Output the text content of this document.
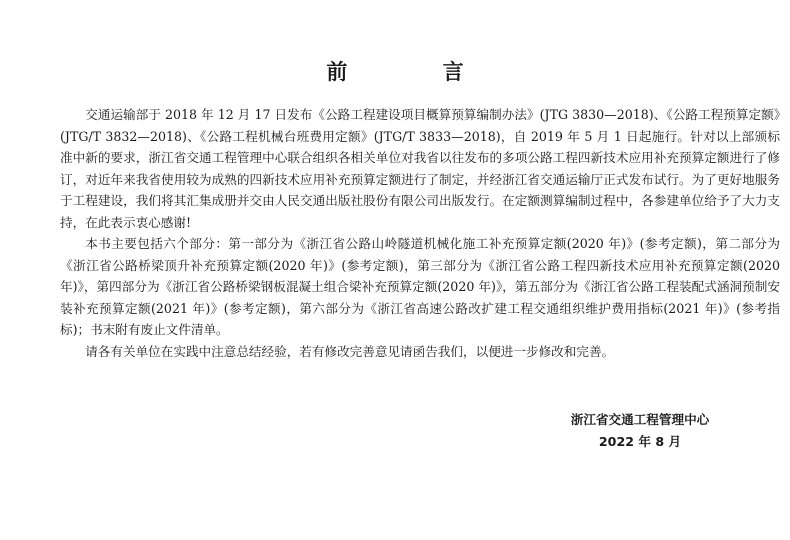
前 言

交通运输部于 2018 年 12 月 17 日发布《公路工程建设项目概算预算编制办法》(JTG 3830—2018)、《公路工程预算定额》(JTG/T 3832—2018)、《公路工程机械台班费用定额》(JTG/T 3833—2018)，自 2019 年 5 月 1 日起施行。针对以上部颁标准中新的要求，浙江省交通工程管理中心联合组织各相关单位对我省以往发布的多项公路工程四新技术应用补充预算定额进行了修订，对近年来我省使用较为成熟的四新技术应用补充预算定额进行了制定，并经浙江省交通运输厅正式发布试行。为了更好地服务于工程建设，我们将其汇集成册并交由人民交通出版社股份有限公司出版发行。在定额测算编制过程中，各参建单位给予了大力支持，在此表示衷心感谢!

本书主要包括六个部分：第一部分为《浙江省公路山岭隧道机械化施工补充预算定额(2020 年)》(参考定额)，第二部分为《浙江省公路桥梁顶升补充预算定额(2020 年)》(参考定额)，第三部分为《浙江省公路工程四新技术应用补充预算定额(2020 年)》，第四部分为《浙江省公路桥梁钢板混凝土组合梁补充预算定额(2020 年)》，第五部分为《浙江省公路工程装配式涵洞预制安装补充预算定额(2021 年)》(参考定额)，第六部分为《浙江省高速公路改扩建工程交通组织维护费用指标(2021 年)》(参考指标)；书末附有废止文件清单。

请各有关单位在实践中注意总结经验，若有修改完善意见请函告我们，以便进一步修改和完善。

浙江省交通工程管理中心
2022 年 8 月
